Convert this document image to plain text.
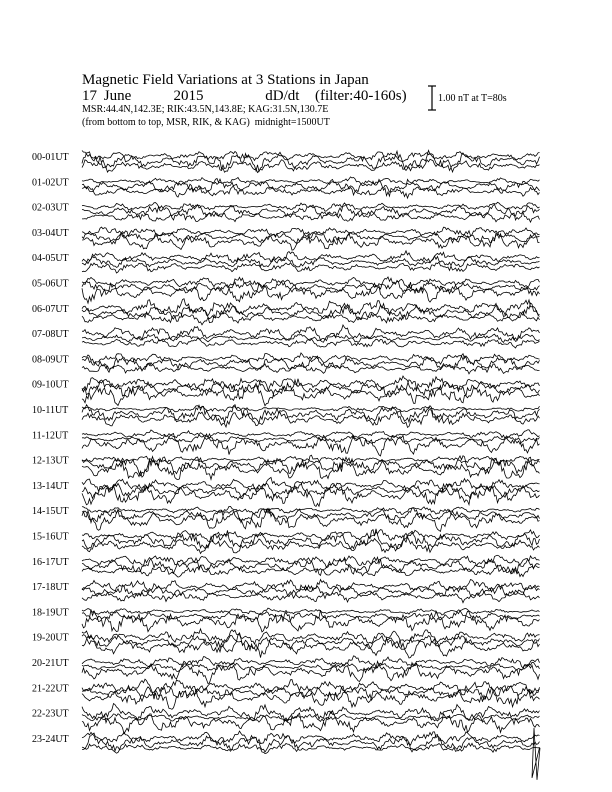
Magnetic Field Variations at 3 Stations in Japan
17 June	2015	dD/dt (filter:40-160s)
MSR:44.4N,142.3E; RIK:43.5N,143.8E; KAG:31.5N,130.7E
(from bottom to top, MSR, RIK, & KAG) midnight=1500UT
1.00 nT at T=80s
00-01UT
01-02UT
02-03UT
03-04UT
04-05UT
05-06UT
06-07UT
07-08UT
08-09UT
09-10UT
10-11UT
11-12UT
12-13UT
13-14UT
14-15UT
15-16UT
16-17UT
17-18UT
18-19UT
19-20UT
20-21UT
21-22UT
22-23UT
23-24UT
